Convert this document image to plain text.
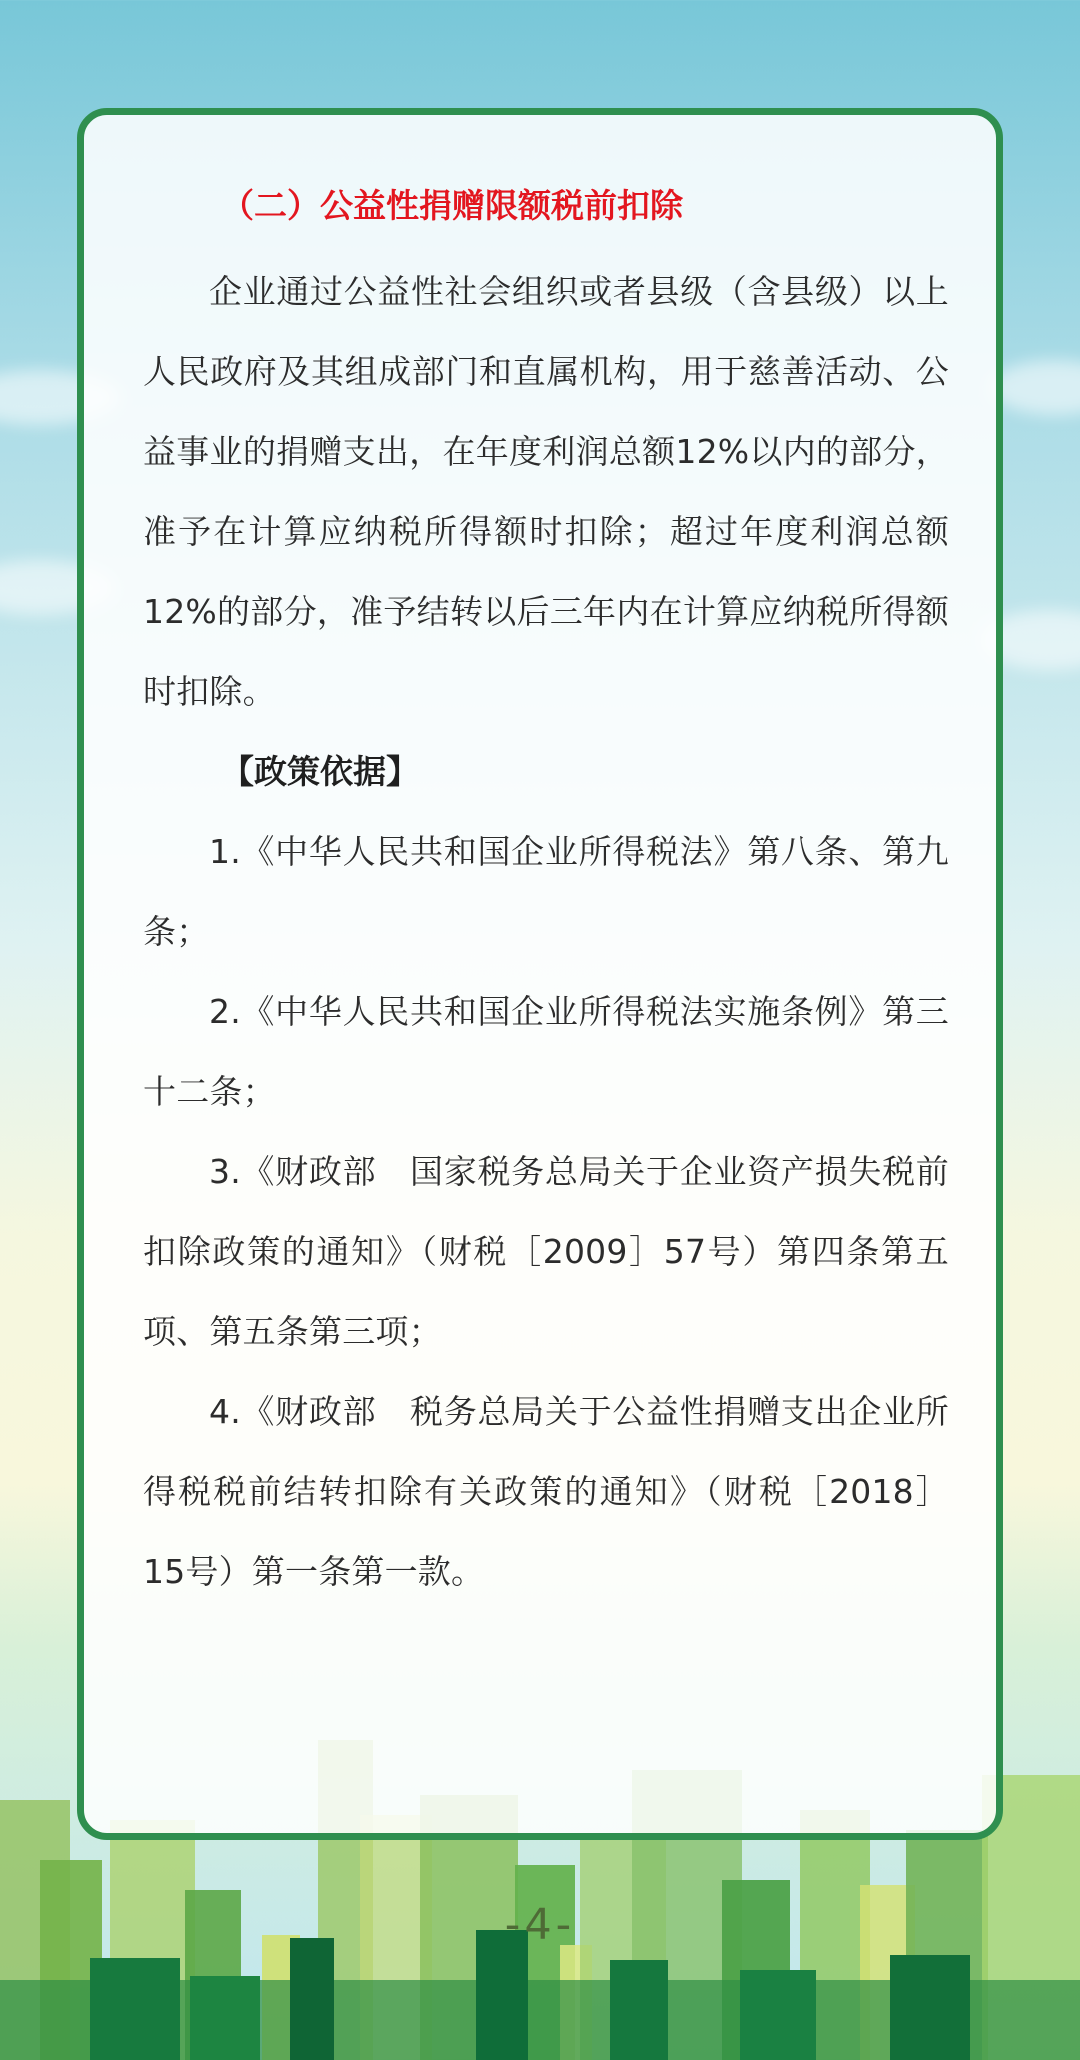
（二）公益性捐赠限额税前扣除

企业通过公益性社会组织或者县级（含县级）以上人民政府及其组成部门和直属机构，用于慈善活动、公益事业的捐赠支出，在年度利润总额12%以内的部分，准予在计算应纳税所得额时扣除；超过年度利润总额12%的部分，准予结转以后三年内在计算应纳税所得额时扣除。

【政策依据】

1.《中华人民共和国企业所得税法》第八条、第九条；

2.《中华人民共和国企业所得税法实施条例》第三十二条；

3.《财政部　国家税务总局关于企业资产损失税前扣除政策的通知》（财税［2009］57号）第四条第五项、第五条第三项；

4.《财政部　税务总局关于公益性捐赠支出企业所得税税前结转扣除有关政策的通知》（财税［2018］15号）第一条第一款。

-4-
